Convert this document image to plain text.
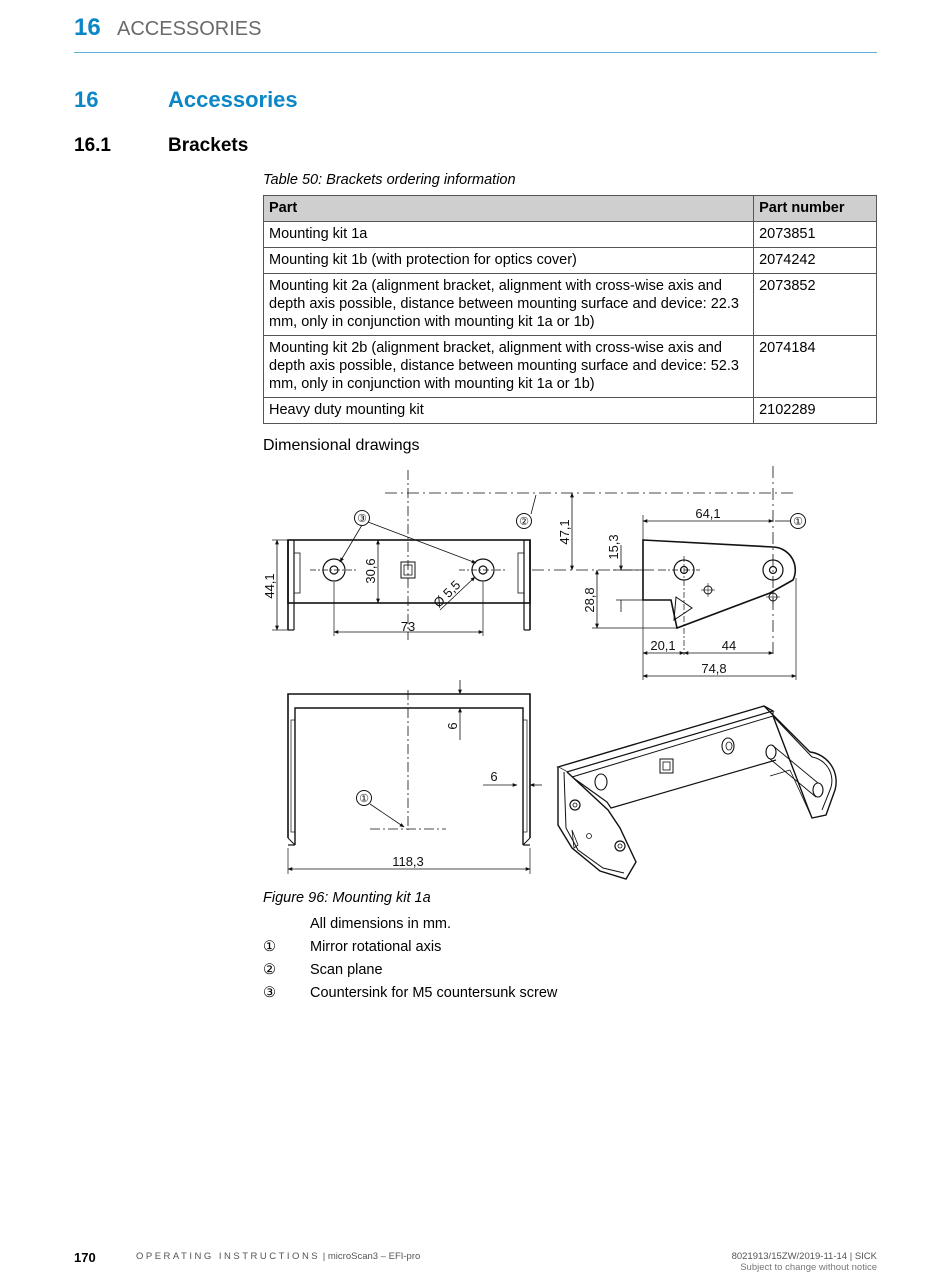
16 ACCESSORIES
16	Accessories
16.1	Brackets
Table 50: Brackets ordering information
Part	Part number
Mounting kit 1a	2073851
Mounting kit 1b (with protection for optics cover)	2074242
Mounting kit 2a (alignment bracket, alignment with cross-wise axis and depth axis possible, distance between mounting surface and device: 22.3 mm, only in conjunction with mounting kit 1a or 1b)	2073852
Mounting kit 2b (alignment bracket, alignment with cross-wise axis and depth axis possible, distance between mounting surface and device: 52.3 mm, only in conjunction with mounting kit 1a or 1b)	2074184
Heavy duty mounting kit	2102289
Dimensional drawings
44,1
30,6
73
Ø 5,5
47,1
15,3
28,8
64,1
20,1	44
74,8
6
6
118,3
③	②	①
①
Figure 96: Mounting kit 1a
All dimensions in mm.
① Mirror rotational axis
② Scan plane
③ Countersink for M5 countersunk screw
170	OPERATING INSTRUCTIONS | microScan3 – EFI-pro	8021913/15ZW/2019-11-14 | SICK
Subject to change without notice
